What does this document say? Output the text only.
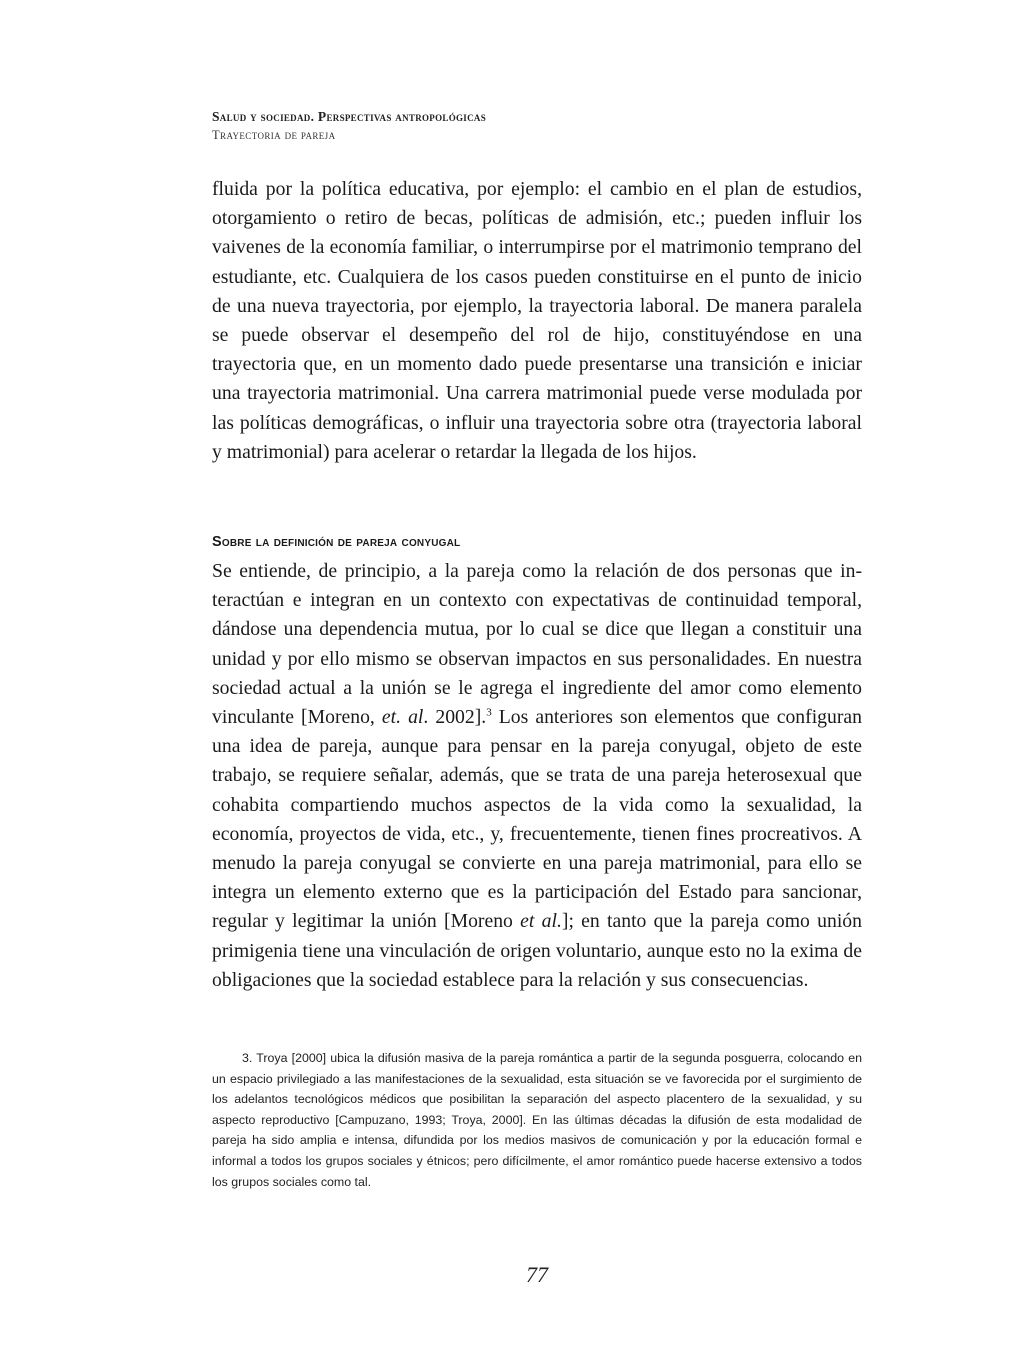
Salud y sociedad. Perspectivas antropológicas
Trayectoria de pareja

fluida por la política educativa, por ejemplo: el cambio en el plan de estudios, otorgamiento o retiro de becas, políticas de admisión, etc.; pueden influir los vaivenes de la economía familiar, o interrumpirse por el matrimonio temprano del estudiante, etc. Cualquiera de los casos pueden constituirse en el punto de inicio de una nueva trayectoria, por ejemplo, la trayectoria laboral. De manera paralela se puede observar el desempeño del rol de hijo, constituyéndose en una trayectoria que, en un momento dado puede presentarse una transición e iniciar una trayectoria matrimonial. Una carrera matrimonial puede verse modulada por las políticas demográficas, o influir una trayectoria sobre otra (trayectoria laboral y matrimonial) para acelerar o retardar la llegada de los hijos.

Sobre la definición de pareja conyugal

Se entiende, de principio, a la pareja como la relación de dos personas que interactúan e integran en un contexto con expectativas de continuidad temporal, dándose una dependencia mutua, por lo cual se dice que llegan a constituir una unidad y por ello mismo se observan impactos en sus personalidades. En nuestra sociedad actual a la unión se le agrega el ingrediente del amor como elemento vinculante [Moreno, et. al. 2002].$^3$ Los anteriores son elementos que configuran una idea de pareja, aunque para pensar en la pareja conyugal, objeto de este trabajo, se requiere señalar, además, que se trata de una pareja heterosexual que cohabita compartiendo muchos aspectos de la vida como la sexualidad, la economía, proyectos de vida, etc., y, frecuentemente, tienen fines procreativos. A menudo la pareja conyugal se convierte en una pareja matrimonial, para ello se integra un elemento externo que es la participación del Estado para sancionar, regular y legitimar la unión [Moreno et al.]; en tanto que la pareja como unión primigenia tiene una vinculación de origen voluntario, aunque esto no la exima de obligaciones que la sociedad establece para la relación y sus consecuencias.

3. Troya [2000] ubica la difusión masiva de la pareja romántica a partir de la segunda posguerra, colocando en un espacio privilegiado a las manifestaciones de la sexualidad, esta situación se ve favorecida por el surgimiento de los adelantos tecnológicos médicos que posibilitan la separación del aspecto placentero de la sexualidad, y su aspecto reproductivo [Campuzano, 1993; Troya, 2000]. En las últimas décadas la difusión de esta modalidad de pareja ha sido amplia e intensa, difundida por los medios masivos de comunicación y por la educación formal e informal a todos los grupos sociales y étnicos; pero difícilmente, el amor romántico puede hacerse extensivo a todos los grupos sociales como tal.

77
